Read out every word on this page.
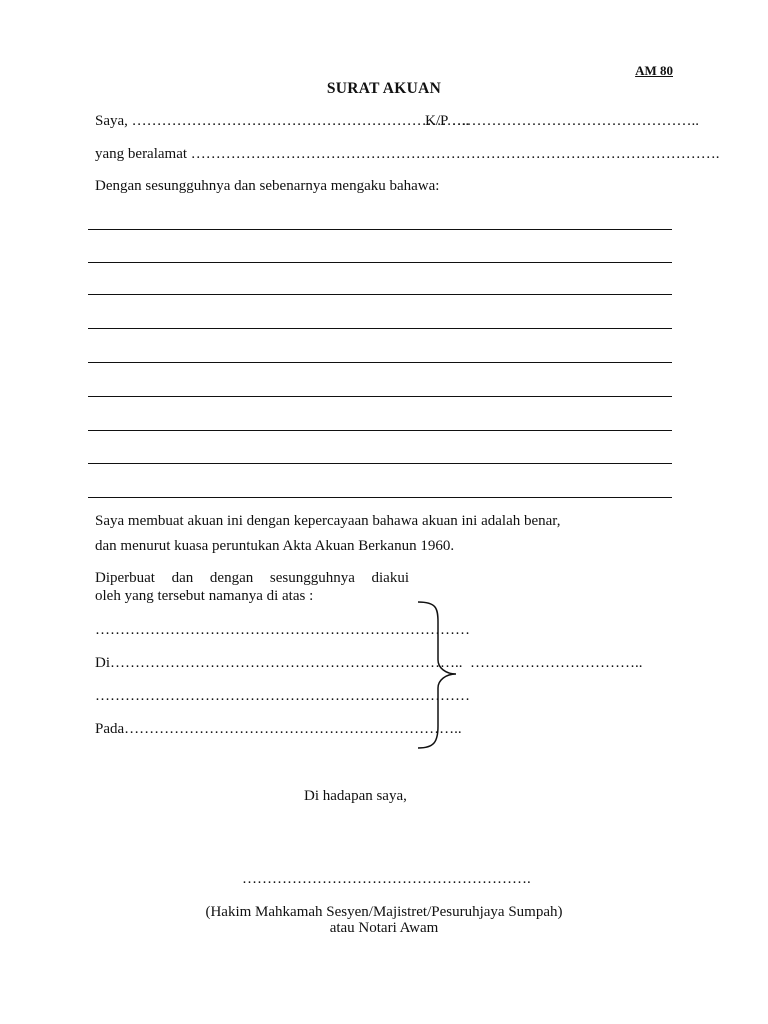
AM 80
SURAT AKUAN
Saya, …………………………………………………………..
K/P …………………………………………..
yang beralamat …………………………………………………………………………………………….
Dengan sesungguhnya dan sebenarnya mengaku bahawa:
Saya membuat akuan ini dengan kepercayaan bahawa akuan ini adalah benar,
dan menurut kuasa peruntukan Akta Akuan Berkanun 1960.
Diperbuat dan dengan sesungguhnya diakui
oleh yang tersebut namanya di atas :
…………………………………………………………………
Di……………………………………………………………..
…………………………………………………………………
Pada…………………………………………………………..
……………………………..
Di hadapan saya,
………………………………………………….
(Hakim Mahkamah Sesyen/Majistret/Pesuruhjaya Sumpah)
atau Notari Awam
